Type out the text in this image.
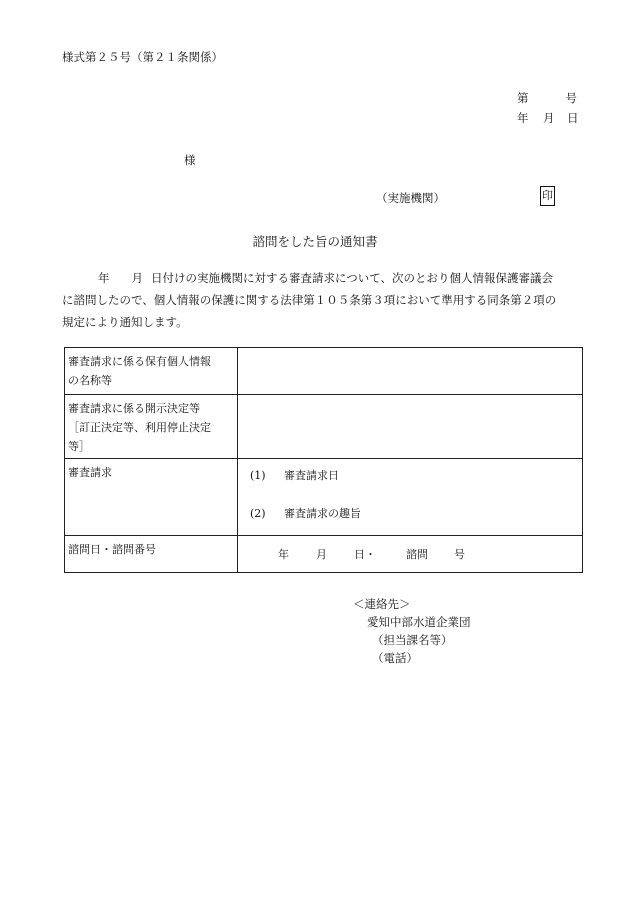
様式第２５号（第２１条関係）
第	号
年 月 日
様
（実施機関）	印
諮問をした旨の通知書
年 月 日付けの実施機関に対する審査請求について、次のとおり個人情報保護審議会
に諮問したので、個人情報の保護に関する法律第１０５条第３項において準用する同条第２項の
規定により通知します。
審査請求に係る保有個人情報
の名称等	

審査請求に係る開示決定等
［訂正決定等、利用停止決定
等］	

審査請求	(1) 審査請求日
(2) 審査請求の趣旨

諮問日・諮問番号	年 月 日・ 諮問 号
＜連絡先＞
愛知中部水道企業団
（担当課名等）
（電話）
